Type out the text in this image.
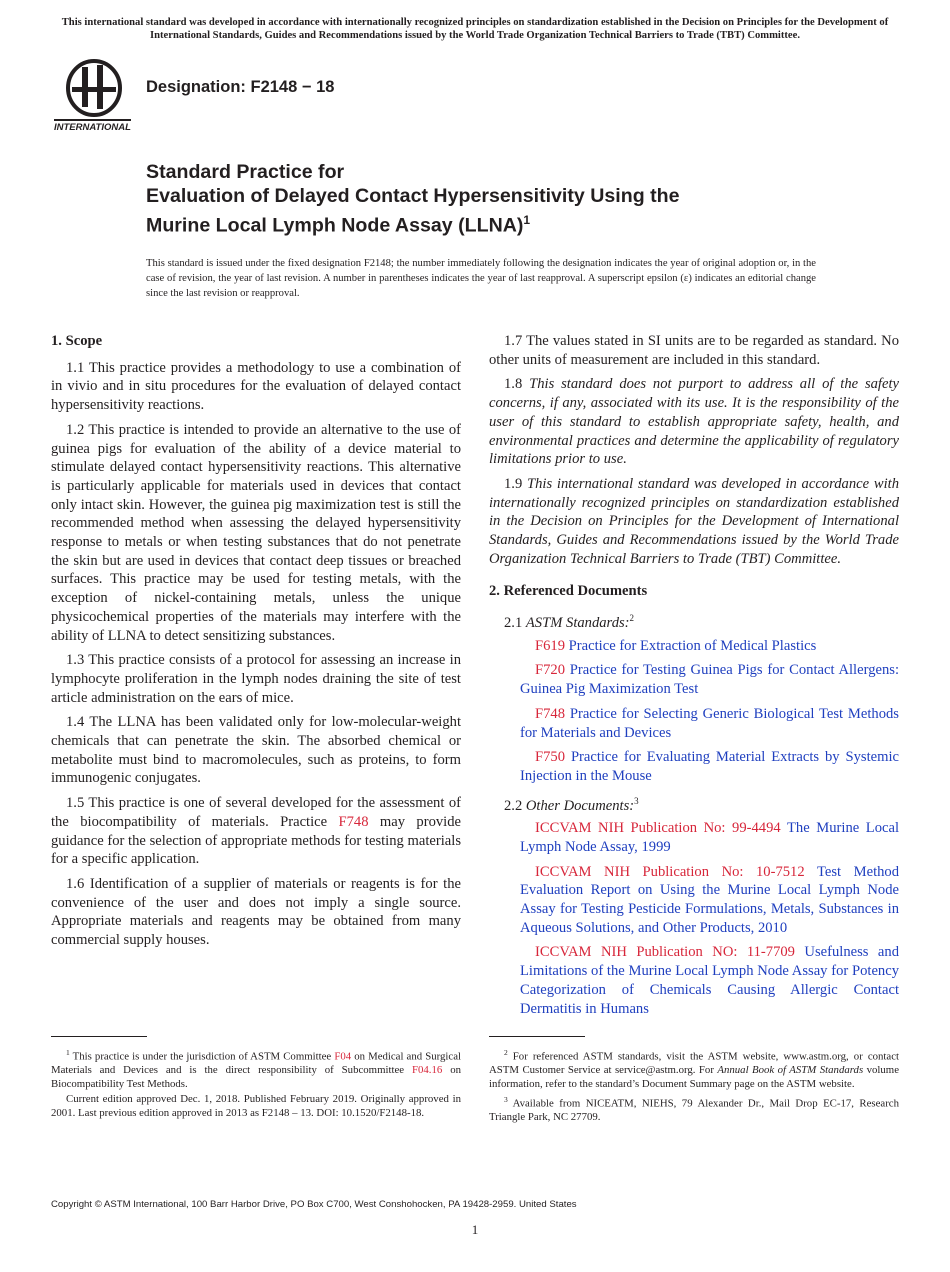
This international standard was developed in accordance with internationally recognized principles on standardization established in the Decision on Principles for the Development of International Standards, Guides and Recommendations issued by the World Trade Organization Technical Barriers to Trade (TBT) Committee.
INTERNATIONAL
Designation: F2148 − 18
Standard Practice for
Evaluation of Delayed Contact Hypersensitivity Using the
Murine Local Lymph Node Assay (LLNA)$^1$
This standard is issued under the fixed designation F2148; the number immediately following the designation indicates the year of original adoption or, in the case of revision, the year of last revision. A number in parentheses indicates the year of last reapproval. A superscript epsilon (ε) indicates an editorial change since the last revision or reapproval.
1. Scope

1.1 This practice provides a methodology to use a combination of in vivio and in situ procedures for the evaluation of delayed contact hypersensitivity reactions.

1.2 This practice is intended to provide an alternative to the use of guinea pigs for evaluation of the ability of a device material to stimulate delayed contact hypersensitivity reactions. This alternative is particularly applicable for materials used in devices that contact only intact skin. However, the guinea pig maximization test is still the recommended method when assessing the delayed hypersensitivity response to metals or when testing substances that do not penetrate the skin but are used in devices that contact deep tissues or breached surfaces. This practice may be used for testing metals, with the exception of nickel-containing metals, unless the unique physicochemical properties of the materials may interfere with the ability of LLNA to detect sensitizing substances.

1.3 This practice consists of a protocol for assessing an increase in lymphocyte proliferation in the lymph nodes draining the site of test article administration on the ears of mice.

1.4 The LLNA has been validated only for low-molecular-weight chemicals that can penetrate the skin. The absorbed chemical or metabolite must bind to macromolecules, such as proteins, to form immunogenic conjugates.

1.5 This practice is one of several developed for the assessment of the biocompatibility of materials. Practice F748 may provide guidance for the selection of appropriate methods for testing materials for a specific application.

1.6 Identification of a supplier of materials or reagents is for the convenience of the user and does not imply a single source. Appropriate materials and reagents may be obtained from many commercial supply houses.

1.7 The values stated in SI units are to be regarded as standard. No other units of measurement are included in this standard.

1.8 This standard does not purport to address all of the safety concerns, if any, associated with its use. It is the responsibility of the user of this standard to establish appropriate safety, health, and environmental practices and determine the applicability of regulatory limitations prior to use.

1.9 This international standard was developed in accordance with internationally recognized principles on standardization established in the Decision on Principles for the Development of International Standards, Guides and Recommendations issued by the World Trade Organization Technical Barriers to Trade (TBT) Committee.

2. Referenced Documents
2.1 ASTM Standards:$^2$

F619 Practice for Extraction of Medical Plastics

F720 Practice for Testing Guinea Pigs for Contact Allergens: Guinea Pig Maximization Test

F748 Practice for Selecting Generic Biological Test Methods for Materials and Devices

F750 Practice for Evaluating Material Extracts by Systemic Injection in the Mouse

2.2 Other Documents:$^3$

ICCVAM NIH Publication No: 99-4494 The Murine Local Lymph Node Assay, 1999

ICCVAM NIH Publication No: 10-7512 Test Method Evaluation Report on Using the Murine Local Lymph Node Assay for Testing Pesticide Formulations, Metals, Substances in Aqueous Solutions, and Other Products, 2010

ICCVAM NIH Publication NO: 11-7709 Usefulness and Limitations of the Murine Local Lymph Node Assay for Potency Categorization of Chemicals Causing Allergic Contact Dermatitis in Humans

$^1$ This practice is under the jurisdiction of ASTM Committee F04 on Medical and Surgical Materials and Devices and is the direct responsibility of Subcommittee F04.16 on Biocompatibility Test Methods.

Current edition approved Dec. 1, 2018. Published February 2019. Originally approved in 2001. Last previous edition approved in 2013 as F2148 – 13. DOI: 10.1520/F2148-18.

$^2$ For referenced ASTM standards, visit the ASTM website, www.astm.org, or contact ASTM Customer Service at service@astm.org. For Annual Book of ASTM Standards volume information, refer to the standard’s Document Summary page on the ASTM website.

$^3$ Available from NICEATM, NIEHS, 79 Alexander Dr., Mail Drop EC-17, Research Triangle Park, NC 27709.

Copyright © ASTM International, 100 Barr Harbor Drive, PO Box C700, West Conshohocken, PA 19428-2959. United States
1
